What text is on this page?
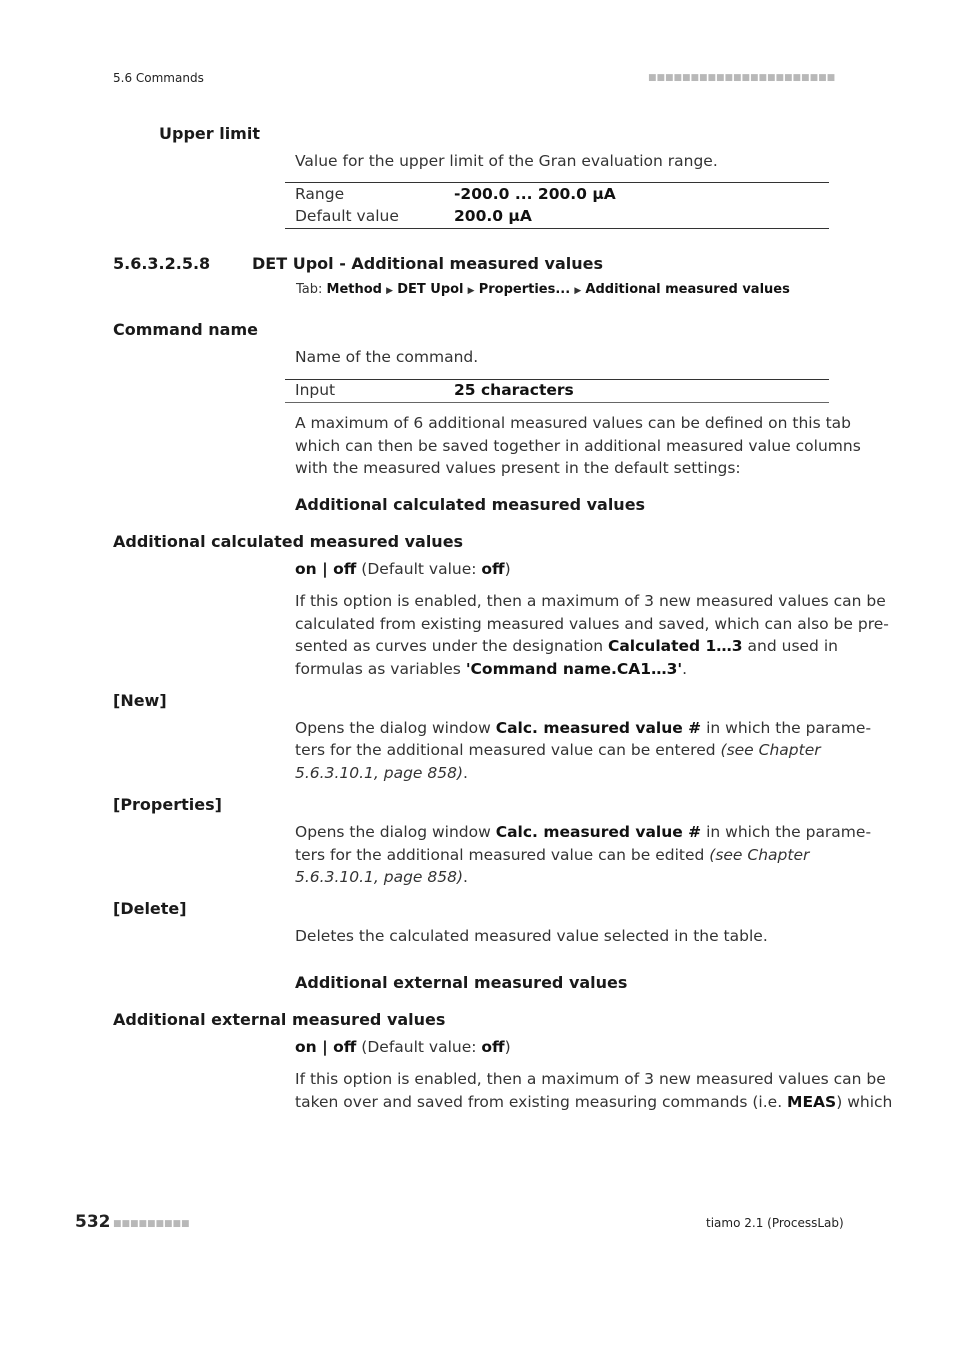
5.6 Commands	■■■■■■■■■■■■■■■■■■■■■■
Upper limit
Value for the upper limit of the Gran evaluation range.
Range	-200.0 ... 200.0 µA
Default value	200.0 µA
5.6.3.2.5.8	DET Upol - Additional measured values
Tab: Method ▶ DET Upol ▶ Properties... ▶ Additional measured values
Command name
Name of the command.
Input	25 characters
A maximum of 6 additional measured values can be defined on this tab
which can then be saved together in additional measured value columns
with the measured values present in the default settings:
Additional calculated measured values
Additional calculated measured values
on | off (Default value: off)
If this option is enabled, then a maximum of 3 new measured values can be
calculated from existing measured values and saved, which can also be pre-
sented as curves under the designation Calculated 1…3 and used in
formulas as variables 'Command name.CA1…3'.
[New]
Opens the dialog window Calc. measured value # in which the parame-
ters for the additional measured value can be entered (see Chapter
5.6.3.10.1, page 858).
[Properties]
Opens the dialog window Calc. measured value # in which the parame-
ters for the additional measured value can be edited (see Chapter
5.6.3.10.1, page 858).
[Delete]
Deletes the calculated measured value selected in the table.
Additional external measured values
Additional external measured values
on | off (Default value: off)
If this option is enabled, then a maximum of 3 new measured values can be
taken over and saved from existing measuring commands (i.e. MEAS) which
532 ■■■■■■■■■	tiamo 2.1 (ProcessLab)
